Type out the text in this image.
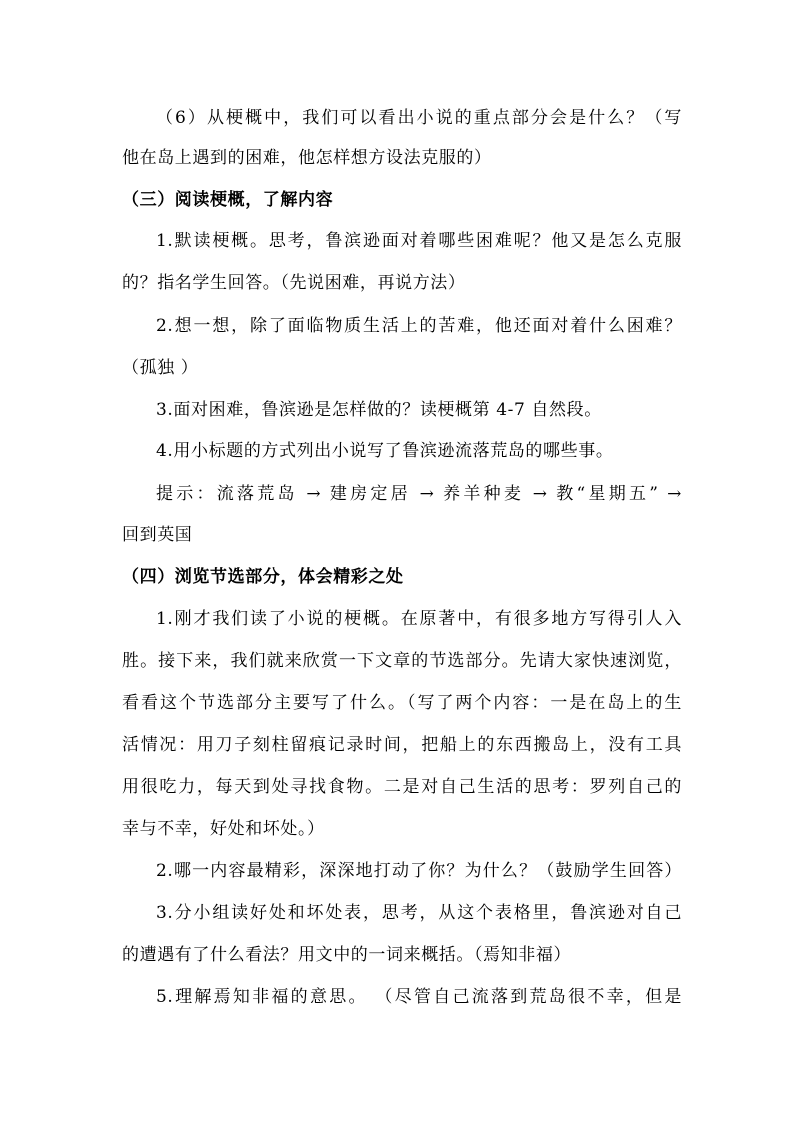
（6）从梗概中，我们可以看出小说的重点部分会是什么？（写
他在岛上遇到的困难，他怎样想方设法克服的）
（三）阅读梗概，了解内容
1.默读梗概。思考，鲁滨逊面对着哪些困难呢？他又是怎么克服
的？指名学生回答。（先说困难，再说方法）
2.想一想，除了面临物质生活上的苦难，他还面对着什么困难？
（孤独 ）
3.面对困难，鲁滨逊是怎样做的？读梗概第 4-7 自然段。
4.用小标题的方式列出小说写了鲁滨逊流落荒岛的哪些事。
提示：流落荒岛 → 建房定居 → 养羊种麦 → 教“星期五” →
回到英国
（四）浏览节选部分，体会精彩之处
1.刚才我们读了小说的梗概。在原著中，有很多地方写得引人入
胜。接下来，我们就来欣赏一下文章的节选部分。先请大家快速浏览，
看看这个节选部分主要写了什么。（写了两个内容：一是在岛上的生
活情况：用刀子刻柱留痕记录时间，把船上的东西搬岛上，没有工具
用很吃力，每天到处寻找食物。二是对自己生活的思考：罗列自己的
幸与不幸，好处和坏处。）
2.哪一内容最精彩，深深地打动了你？为什么？（鼓励学生回答）
3.分小组读好处和坏处表，思考，从这个表格里，鲁滨逊对自己
的遭遇有了什么看法？用文中的一词来概括。（焉知非福）
5.理解焉知非福的意思。 （尽管自己流落到荒岛很不幸，但是
